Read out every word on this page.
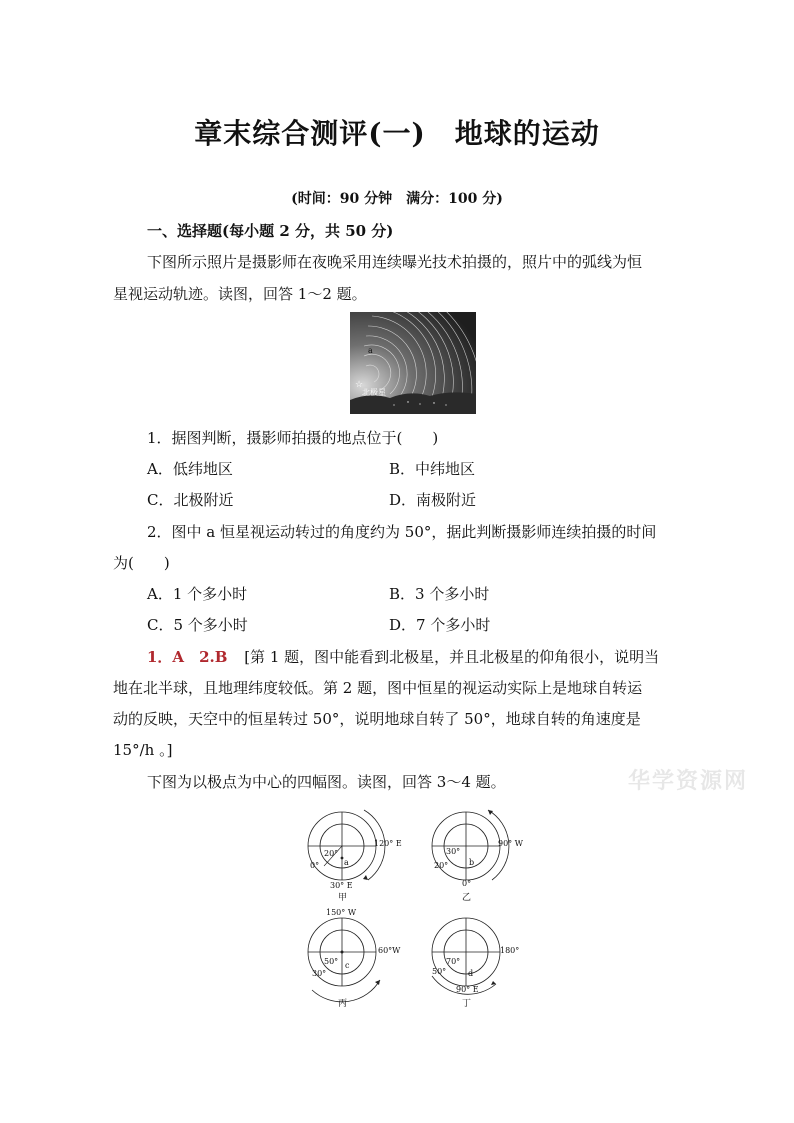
章末综合测评(一)　地球的运动
(时间：90 分钟　满分：100 分)
一、选择题(每小题 2 分，共 50 分)
下图所示照片是摄影师在夜晚采用连续曝光技术拍摄的，照片中的弧线为恒
星视运动轨迹。读图，回答 1～2 题。
a
☆
北极星
1．据图判断，摄影师拍摄的地点位于(　　)
A．低纬地区	B．中纬地区
C．北极附近	D．南极附近
2．图中 a 恒星视运动转过的角度约为 50°，据此判断摄影师连续拍摄的时间
为(　　)
A．1 个多小时	B．3 个多小时
C．5 个多小时	D．7 个多小时
1．A　2.B [第 1 题，图中能看到北极星，并且北极星的仰角很小，说明当
地在北半球，且地理纬度较低。第 2 题，图中恒星的视运动实际上是地球自转运
动的反映，天空中的恒星转过 50°，说明地球自转了 50°，地球自转的角速度是
15°/h 。]
华学资源网
下图为以极点为中心的四幅图。读图，回答 3～4 题。
20°
0°	a
30° E
120° E
甲
30°
20°	b
0°
90° W
乙
150° W
50°
30°
c
60°W
丙
70°
50°	d
90° E
180°
丁
